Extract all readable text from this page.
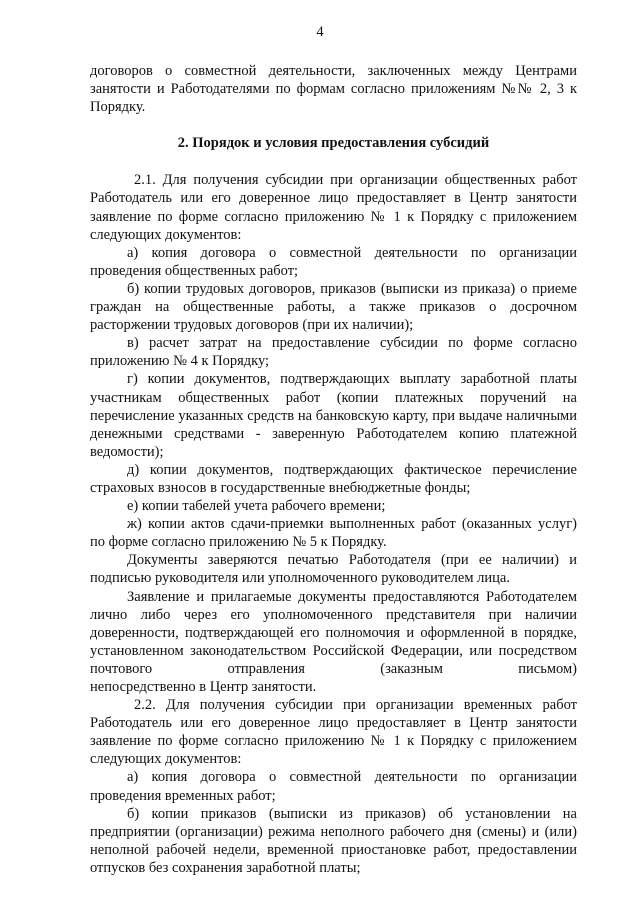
4

договоров о совместной деятельности, заключенных между Центрами занятости и Работодателями по формам согласно приложениям №№ 2, 3 к Порядку.

2. Порядок и условия предоставления субсидий

2.1. Для получения субсидии при организации общественных работ Работодатель или его доверенное лицо предоставляет в Центр занятости заявление по форме согласно приложению № 1 к Порядку с приложением следующих документов:

а) копия договора о совместной деятельности по организации проведения общественных работ;

б) копии трудовых договоров, приказов (выписки из приказа) о приеме граждан на общественные работы, а также приказов о досрочном расторжении трудовых договоров (при их наличии);

в) расчет затрат на предоставление субсидии по форме согласно приложению № 4 к Порядку;

г) копии документов, подтверждающих выплату заработной платы участникам общественных работ (копии платежных поручений на перечисление указанных средств на банковскую карту, при выдаче наличными денежными средствами - заверенную Работодателем копию платежной ведомости);

д) копии документов, подтверждающих фактическое перечисление страховых взносов в государственные внебюджетные фонды;

е) копии табелей учета рабочего времени;

ж) копии актов сдачи-приемки выполненных работ (оказанных услуг) по форме согласно приложению № 5 к Порядку.

Документы заверяются печатью Работодателя (при ее наличии) и подписью руководителя или уполномоченного руководителем лица.

Заявление и прилагаемые документы предоставляются Работодателем лично либо через его уполномоченного представителя при наличии доверенности, подтверждающей его полномочия и оформленной в порядке, установленном законодательством Российской Федерации, или посредством почтового отправления (заказным письмом)

непосредственно в Центр занятости.

2.2. Для получения субсидии при организации временных работ Работодатель или его доверенное лицо предоставляет в Центр занятости заявление по форме согласно приложению № 1 к Порядку с приложением следующих документов:

а) копия договора о совместной деятельности по организации проведения временных работ;

б) копии приказов (выписки из приказов) об установлении на предприятии (организации) режима неполного рабочего дня (смены) и (или) неполной рабочей недели, временной приостановке работ, предоставлении отпусков без сохранения заработной платы;
